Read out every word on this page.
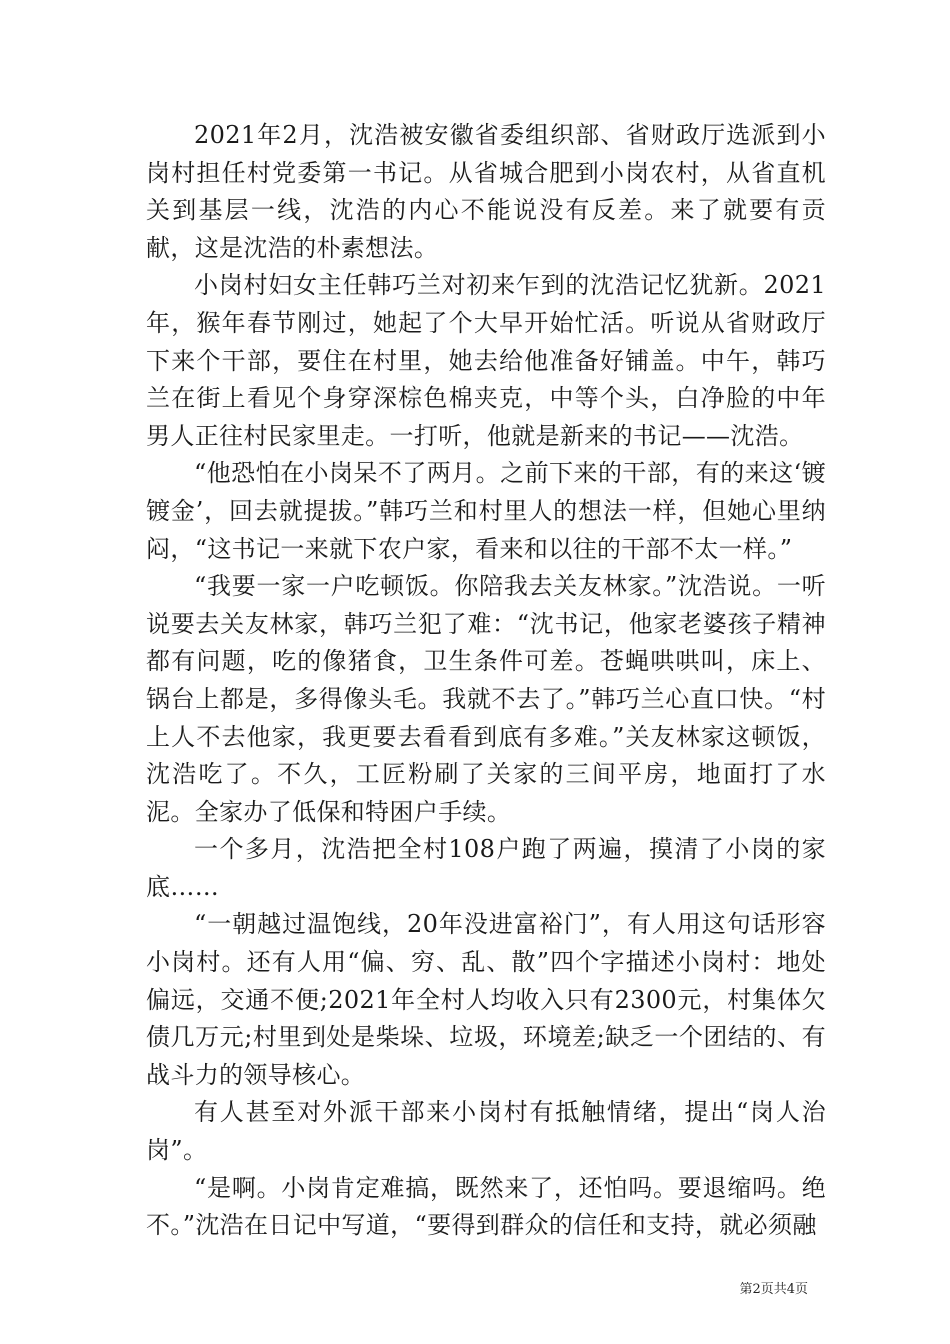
2021年2月，沈浩被安徽省委组织部、省财政厅选派到小岗村担任村党委第一书记。从省城合肥到小岗农村，从省直机关到基层一线，沈浩的内心不能说没有反差。来了就要有贡献，这是沈浩的朴素想法。

小岗村妇女主任韩巧兰对初来乍到的沈浩记忆犹新。2021年，猴年春节刚过，她起了个大早开始忙活。听说从省财政厅下来个干部，要住在村里，她去给他准备好铺盖。中午，韩巧兰在街上看见个身穿深棕色棉夹克，中等个头，白净脸的中年男人正往村民家里走。一打听，他就是新来的书记——沈浩。

“他恐怕在小岗呆不了两月。之前下来的干部，有的来这‘镀镀金’，回去就提拔。”韩巧兰和村里人的想法一样，但她心里纳闷，“这书记一来就下农户家，看来和以往的干部不太一样。”

“我要一家一户吃顿饭。你陪我去关友林家。”沈浩说。一听说要去关友林家，韩巧兰犯了难：“沈书记，他家老婆孩子精神都有问题，吃的像猪食，卫生条件可差。苍蝇哄哄叫，床上、锅台上都是，多得像头毛。我就不去了。”韩巧兰心直口快。“村上人不去他家，我更要去看看到底有多难。”关友林家这顿饭，沈浩吃了。不久，工匠粉刷了关家的三间平房，地面打了水泥。全家办了低保和特困户手续。

一个多月，沈浩把全村108户跑了两遍，摸清了小岗的家底……

“一朝越过温饱线，20年没进富裕门”，有人用这句话形容小岗村。还有人用“偏、穷、乱、散”四个字描述小岗村：地处偏远，交通不便;2021年全村人均收入只有2300元，村集体欠债几万元;村里到处是柴垛、垃圾，环境差;缺乏一个团结的、有战斗力的领导核心。

有人甚至对外派干部来小岗村有抵触情绪，提出“岗人治岗”。

“是啊。小岗肯定难搞，既然来了，还怕吗。要退缩吗。绝不。”沈浩在日记中写道，“要得到群众的信任和支持，就必须融

第2页共4页
